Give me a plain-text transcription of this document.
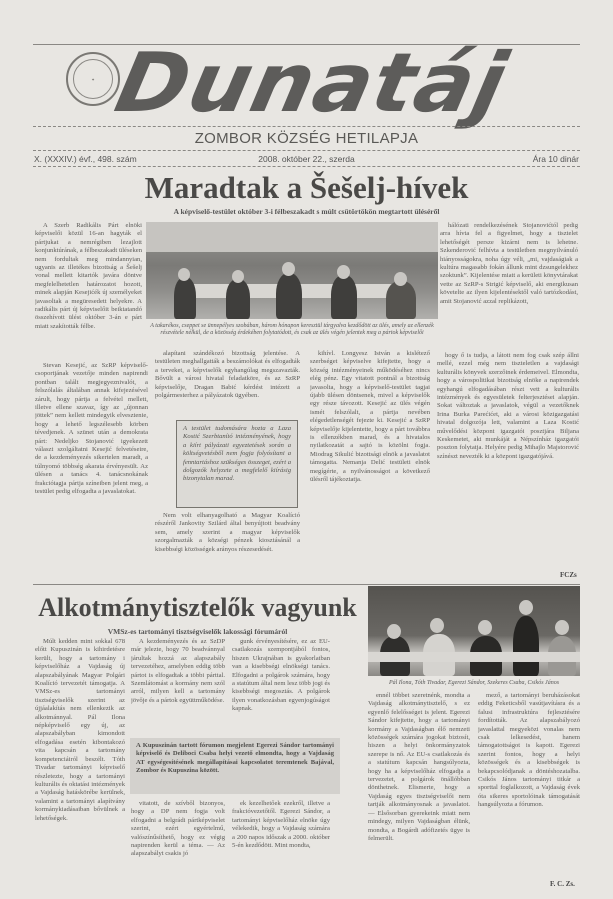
✦ Dunatáj
ZOMBOR KÖZSÉG HETILAPJA
X. (XXXIV.) évf., 498. szám	2008. október 22., szerda	Ára 10 dinár
Maradtak a Šešelj-hívek
A képviselő-testület október 3-i félbeszakadt s múlt csütörtökön megtartott üléséről

A Szerb Radikális Párt elnöki képviselői közül 16-an hagyták el pártjukat a nemrégiben lezajlott konjunktúrának, a félbeszakadt üléseken nem fordultak meg mindannyian, ugyanis az illetékes bizottság a Šešelj vonal mellett kitartók javára döntve megfelelhetetlen határozatot hozott, minek alapján Kesejićék új személyeket javasoltak a megüresedett helyekre. A radikális párt új képviselőit beiktatandó összehívott ülést október 3-án e párt miatt szakították félbe.

Stevan Kesejić, az SzRP képviselő-csoportjának vezetője minden napirendi pontban talált megjegyeznivalót, a felszólalás általában annak kifejezésével zárult, hogy pártja a felvétel mellett, illetve ellene szavaz, így az „újonnan jöttek” nem kellett mindegyik elvesztenie, hogy a lehető legszélesebb körben tévedjenek. A szünet után a demokrata párt: Nedeljko Stojanović igyekezett választ szolgáltatni Kesejić felvetéseire, de a kezdeményezés sikertelen maradt, a túlnyomó többség akarata érvényesült. Az ülésen a tanács 4. tanácsnokának frakciótagja pártja színeiben jelent meg, a testület pedig elfogadta a javaslatokat.

A takarékos, cseppet se ünnepélyes szobában, három hónapon keresztül tárgyalva kezdődött az ülés, amely az ellenzék részvétele nélkül, de a közösség érdekében folytatódott, és csak az ülés végén jelentek meg a pártok képviselői

alapítani szándékozó bizottság jelentése. A testületen meghallgatták a beszámolókat és elfogadták a terveket, a képviselők egyhangúlag megszavazták. Bővült a városi hivatal feladatköre, és az SzRP képviselője, Dragan Babić kérdést intézett a polgármesterhez a pályázatok ügyében.

A testület tudomására hozta a Laza Kostić Szerbtanító intézményének, hogy a kiírt pályázati egyeztetések során a költségvetésből nem fogja folyósítani a fenntartáshoz szükséges összeget, ezért a dolgozók helyzete a megfelelő kiírásig bizonytalan marad.

Nem volt elhanyagolható a Magyar Koalíció részéről Jankovity Szilárd által benyújtott beadvány sem, amely szerint a magyar képviselők szorgalmazták a községi pénzek kiosztásánál a kisebbségi közösségek arányos részesedését.

kihívl. Longyesz István a kislétező szerbséget képviselve kifejtette, hogy a község intézményeinek működéséhez nincs elég pénz. Egy vitatott pontnál a bizottság javasolta, hogy a képviselő-testület tagjai újabb ülésen döntsenek, mivel a képviselők egy része távozott. Kesejić az ülés végén ismét felszólalt, a pártja nevében elégedetlenségét fejezte ki. Kesejić a SzRP képviselője kijelentette, hogy a párt továbbra is ellenzékben marad, és a hivatalos nyilatkozatát a sajtó is közölni fogja. Miodrag Sikulić bizottsági elnök a javaslatot támogatta. Nemanja Delić testületi elnök megígérte, a nyilvánosságot a következő ülésről tájékoztatja.

hálózati rendelkezésének Stojanovićtól pedig arra hívta fel a figyelmet, hogy a tisztelet lehetőségét persze kizárni nem is lehetne. Szkenderović felhívta a testületben megnyilvánuló hiányosságokra, noha úgy véli, „mi, vajdaságiak a kultúra magasabb fokán állunk mint dzsungelekhez szoktunk”. Kijelentése miatt a kerületi könyvtárakat vette az SzRP-s Strigić képviselő, aki energikusan követelte az ilyen kijelentésektől való tartózkodást, amit Stojanović azzal replikázott,

hogy ő is tudja, a látott nem fog csak szép állni mellé, ezzel még nem tiszteletlen a vajdasági kulturális könyvek szerzőinek érdemeivel. Elmondta, hogy a várospolitikai bizottság elnöke a napirendek egyhangú elfogadásában részt vett a kulturális intézmények és egyesületek felterjesztései alapján. Sokat változtak a javaslatok, végül a vezetőknek Irina Burka Parećićet, aki a városi közigazgatási hivatal dolgozója lett, valamint a Laza Kostić művelődési központ igazgatói posztjára Biljana Keskemetet, aki munkáját a Népszínház igazgatói poszton folytatja. Helyére pedig Mihajlo Majstorović színészt nevezték ki a központ igazgatójává.

FCZs
Alkotmánytisztelők vagyunk
VMSz-es tartományi tisztségviselők lakossági fórumáról
Pál Ilona, Tóth Tivadar, Egerezi Sándor, Szekeres Csaba, Csikós János

Múlt kedden mint sokkal 678 előtt Kupuszinán is kihirdetésre került, hogy a tartomány i képviselőház a Vajdaság új alapszabályának Magyar Polgári Koalíció tervezetét támogatja. A VMSz-es tartományi tisztségviselők szerint az újjáalakítás nem ellenkezik az alkotmánnyal. Pál Ilona népképviselő egy új, az alapszabályban kimondott elfogadása esetén kibontakozó vita kapcsán a tartomány kompetenciáiról beszélt. Tóth Tivadar tartományi képviselő részletezte, hogy a tartományi kulturális és oktatási intézmények a Vajdaság hatáskörébe kerülnek, valamint a tartományi alapítvány kormánykiadásaiban bővülnek a lehetőségek.

A kezdeményezés és az SzDP már jelezte, hogy 70 beadvánnyal járultak hozzá az alapszabály tervezetéhez, amelyben eddig több pártot is elfogadtak a többi párttal. Szemlátomást a kormány nem szól arról, milyen kell a tartomány jövője és a pártok együttműködése.

gunk érvényesítésére, ez az EU-csatlakozás szempontjából fontos, hiszen Ukrajnában is gyakorlatban van a kisebbségi elnökségi tanács. Elfogadni a polgárok számára, hogy a statútum által nem lesz több jogi és kisebbségi megosztás. A polgárok ilyen vonatkozásban egyenjogúságot kapnak.

A Kupuszinán tartott fórumon megjelent Egerezi Sándor tartományi képviselő és Deliboci Csaba helyi vezető elmondta, hogy a Vajdaság AT egységesítésének megállapításai kapcsolatot teremtenek Bajával, Zombor és Kupuszina között.

vitatott, de szívből bizonyos, hogy a DP nem fogja volt elfogadni a belgrádi pártképviselet szerint, ezért egyértelmű, valószínűsíthető, hogy ez végig napirenden kerül a téma. — Az alapszabályt csakis jó

ek kezelhetőek ezekről, illetve a frakcióvezetőtől. Egerezi Sándor, a tartományi képviselőház elnöke úgy vélekedik, hogy a Vajdaság számára a 200 napos időszak a 2000. október 5-én kezdődött. Mint mondta,

ennél többet szeretnénk, mondta a Vajdaság alkotmánytisztelő, s ez egyenlő felelősséget is jelent. Egerezi Sándor kifejtette, hogy a tartományi kormány a Vajdaságban élő nemzeti közösségek számára jogokat biztosít, hiszen a helyi önkormányzatok szerepe is nő. Az EU-s csatlakozás és a statútum kapcsán hangsúlyozta, hogy ha a képviselőház elfogadja a tervezetet, a polgárok önállóbban dönthetnek. Elismerte, hogy a Vajdaság egyes tisztségviselői nem tartják alkotmányosnak a javaslatot. — Elsősorban gyerekeink miatt nem mindegy, milyen Vajdaságban élünk, mondta, a Bogárdi adófizetés ügye is felmerült.

mező, a tartományi beruházásokat eddig Feketicsből vasútjavításra és a falusi infrastruktúra fejlesztésére fordították. Az alapszabályozó javaslattal megyeközi vonalas nem csak lelkesedést, hanem támogatottságot is kapott. Egerezi szerint fontos, hogy a helyi közösségek és a kisebbségek is bekapcsolódjanak a döntéshozatalba. Csikós János tartományi titkár a sporttal foglalkozott, a Vajdaság évek óta sikeres sportolóinak támogatását hangsúlyozta a fórumon.

F. C. Zs.
